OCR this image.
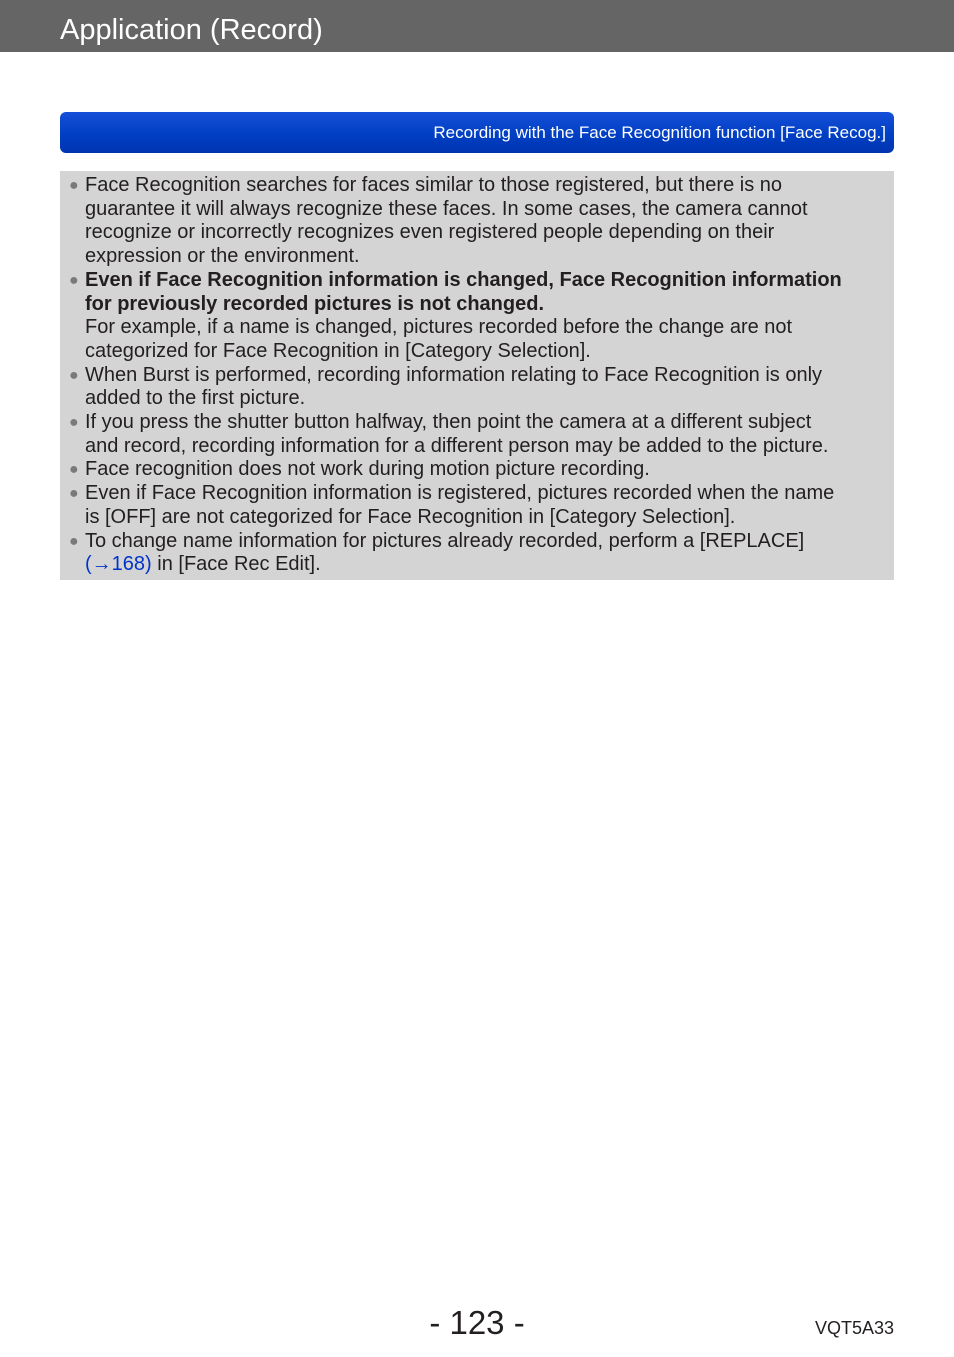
Application (Record)
Recording with the Face Recognition function [Face Recog.]
● Face Recognition searches for faces similar to those registered, but there is no
guarantee it will always recognize these faces. In some cases, the camera cannot
recognize or incorrectly recognizes even registered people depending on their
expression or the environment.
● Even if Face Recognition information is changed, Face Recognition information
for previously recorded pictures is not changed.
For example, if a name is changed, pictures recorded before the change are not
categorized for Face Recognition in [Category Selection].
● When Burst is performed, recording information relating to Face Recognition is only
added to the first picture.
● If you press the shutter button halfway, then point the camera at a different subject
and record, recording information for a different person may be added to the picture.
● Face recognition does not work during motion picture recording.
● Even if Face Recognition information is registered, pictures recorded when the name
is [OFF] are not categorized for Face Recognition in [Category Selection].
● To change name information for pictures already recorded, perform a [REPLACE]
(→168) in [Face Rec Edit].
- 123 -	VQT5A33
